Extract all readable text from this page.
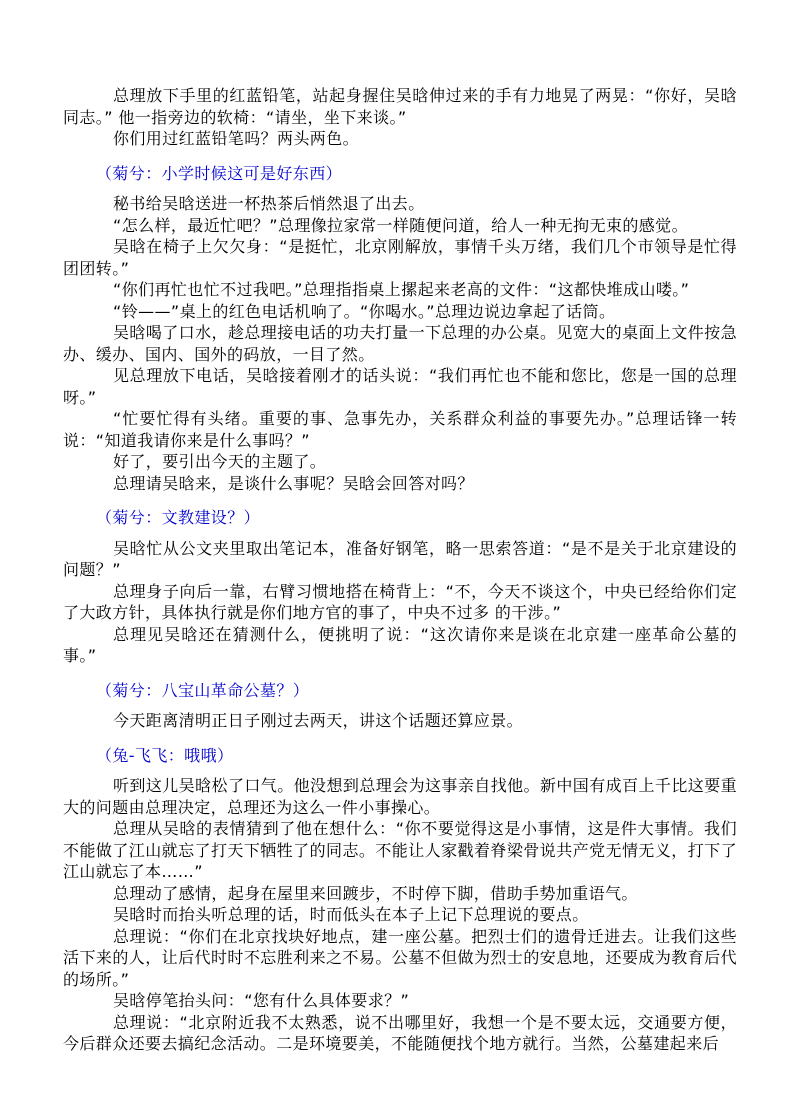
总理放下手里的红蓝铅笔，站起身握住吴晗伸过来的手有力地晃了两晃：“你好，吴晗同志。” 他一指旁边的软椅：“请坐，坐下来谈。”

你们用过红蓝铅笔吗？两头两色。

（菊兮：小学时候这可是好东西）

秘书给吴晗送进一杯热茶后悄然退了出去。

“怎么样，最近忙吧？”总理像拉家常一样随便问道，给人一种无拘无束的感觉。

吴晗在椅子上欠欠身：“是挺忙，北京刚解放，事情千头万绪，我们几个市领导是忙得团团转。”

“你们再忙也忙不过我吧。”总理指指桌上摞起来老高的文件：“这都快堆成山喽。”

“铃——”桌上的红色电话机响了。“你喝水。”总理边说边拿起了话筒。

吴晗喝了口水，趁总理接电话的功夫打量一下总理的办公桌。见宽大的桌面上文件按急办、缓办、国内、国外的码放，一目了然。

见总理放下电话，吴晗接着刚才的话头说：“我们再忙也不能和您比，您是一国的总理呀。”

“忙要忙得有头绪。重要的事、急事先办，关系群众利益的事要先办。”总理话锋一转说：“知道我请你来是什么事吗？”

好了，要引出今天的主题了。

总理请吴晗来，是谈什么事呢？吴晗会回答对吗？

（菊兮：文教建设？）

吴晗忙从公文夹里取出笔记本，准备好钢笔，略一思索答道：“是不是关于北京建设的问题？”

总理身子向后一靠，右臂习惯地搭在椅背上：“不，今天不谈这个，中央已经给你们定了大政方针，具体执行就是你们地方官的事了，中央不过多 的干涉。”

总理见吴晗还在猜测什么，便挑明了说：“这次请你来是谈在北京建一座革命公墓的事。”

（菊兮：八宝山革命公墓？）

今天距离清明正日子刚过去两天，讲这个话题还算应景。

（兔-飞飞：哦哦）

听到这儿吴晗松了口气。他没想到总理会为这事亲自找他。新中国有成百上千比这要重大的问题由总理决定，总理还为这么一件小事操心。

总理从吴晗的表情猜到了他在想什么：“你不要觉得这是小事情，这是件大事情。我们不能做了江山就忘了打天下牺牲了的同志。不能让人家戳着脊梁骨说共产党无情无义，打下了江山就忘了本……”

总理动了感情，起身在屋里来回踱步，不时停下脚，借助手势加重语气。

吴晗时而抬头听总理的话，时而低头在本子上记下总理说的要点。

总理说：“你们在北京找块好地点，建一座公墓。把烈士们的遗骨迁进去。让我们这些活下来的人，让后代时时不忘胜利来之不易。公墓不但做为烈士的安息地，还要成为教育后代的场所。”

吴晗停笔抬头问：“您有什么具体要求？”

总理说：“北京附近我不太熟悉，说不出哪里好，我想一个是不要太远，交通要方便，今后群众还要去搞纪念活动。二是环境要美，不能随便找个地方就行。当然，公墓建起来后
